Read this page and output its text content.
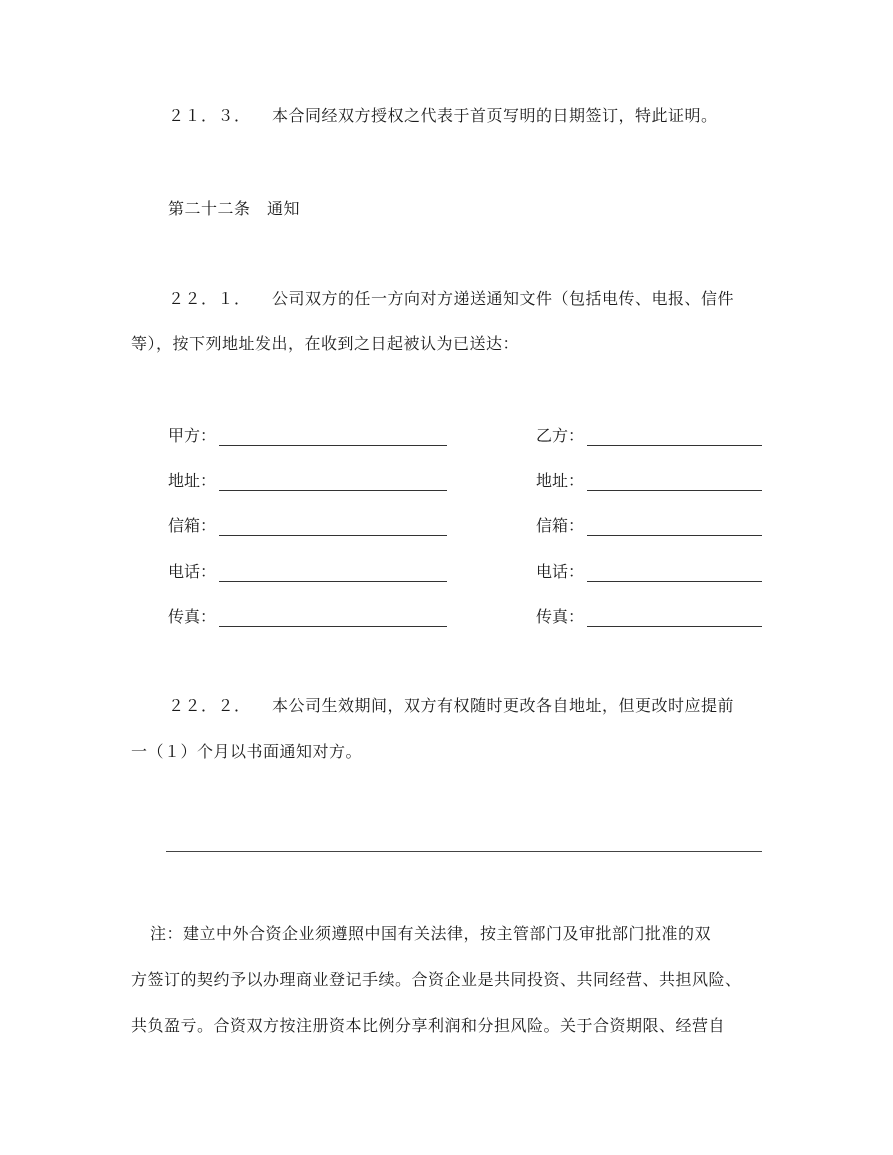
２１．３． 本合同经双方授权之代表于首页写明的日期签订，特此证明。
第二十二条　通知
２２．１． 公司双方的任一方向对方递送通知文件（包括电传、电报、信件
等），按下列地址发出，在收到之日起被认为已送达：
甲方：
地址：
信箱：
电话：
传真：
乙方：
地址：
信箱：
电话：
传真：
２２．２． 本公司生效期间，双方有权随时更改各自地址，但更改时应提前
一（１）个月以书面通知对方。
注：建立中外合资企业须遵照中国有关法律，按主管部门及审批部门批准的双
方签订的契约予以办理商业登记手续。合资企业是共同投资、共同经营、共担风险、
共负盈亏。合资双方按注册资本比例分享利润和分担风险。关于合资期限、经营自
